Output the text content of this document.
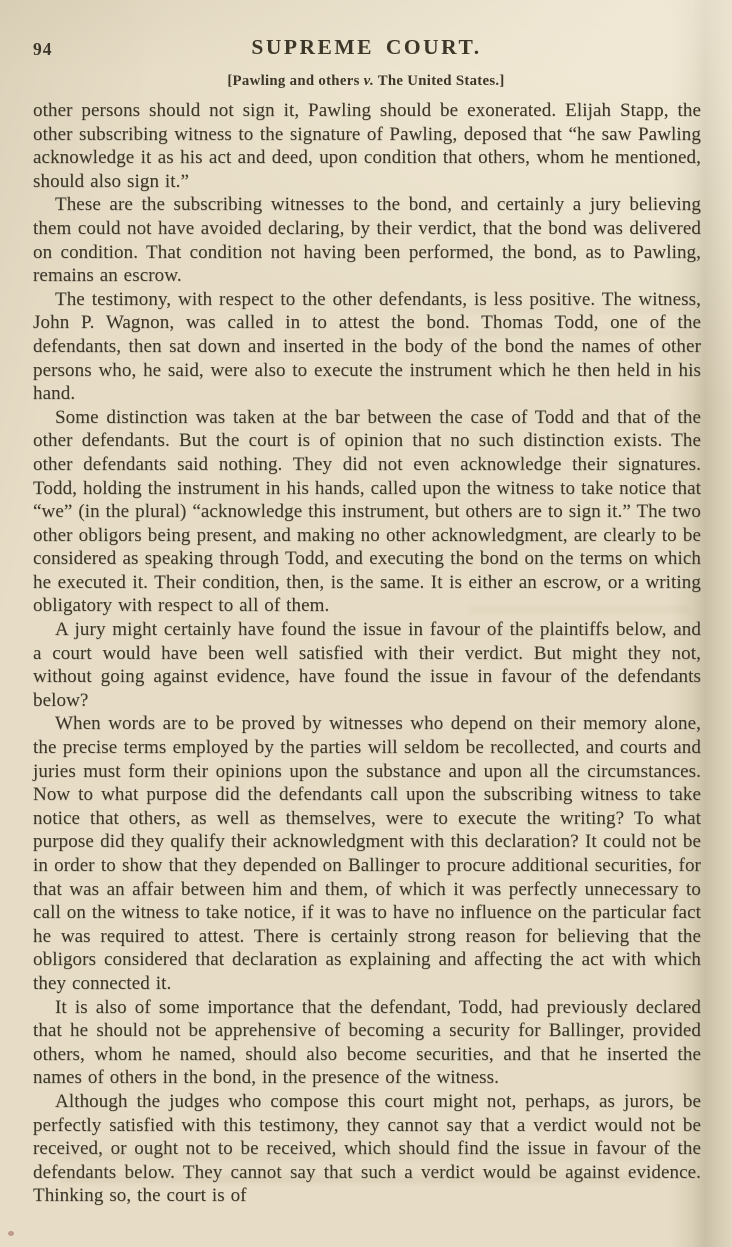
94	SUPREME COURT.
[Pawling and others v. The United States.]

other persons should not sign it, Pawling should be exonerated. Elijah Stapp, the other subscribing witness to the signature of Pawling, deposed that “he saw Pawling acknowledge it as his act and deed, upon condition that others, whom he mentioned, should also sign it.”

These are the subscribing witnesses to the bond, and certainly a jury believing them could not have avoided declaring, by their verdict, that the bond was delivered on condition. That condition not having been performed, the bond, as to Pawling, remains an escrow.

The testimony, with respect to the other defendants, is less positive. The witness, John P. Wagnon, was called in to attest the bond. Thomas Todd, one of the defendants, then sat down and inserted in the body of the bond the names of other persons who, he said, were also to execute the instrument which he then held in his hand.

Some distinction was taken at the bar between the case of Todd and that of the other defendants. But the court is of opinion that no such distinction exists. The other defendants said nothing. They did not even acknowledge their signatures. Todd, holding the instrument in his hands, called upon the witness to take notice that “we” (in the plural) “acknowledge this instrument, but others are to sign it.” The two other obligors being present, and making no other acknowledgment, are clearly to be considered as speaking through Todd, and executing the bond on the terms on which he executed it. Their condition, then, is the same. It is either an escrow, or a writing obligatory with respect to all of them.

A jury might certainly have found the issue in favour of the plaintiffs below, and a court would have been well satisfied with their verdict. But might they not, without going against evidence, have found the issue in favour of the defendants below?

When words are to be proved by witnesses who depend on their memory alone, the precise terms employed by the parties will seldom be recollected, and courts and juries must form their opinions upon the substance and upon all the circumstances. Now to what purpose did the defendants call upon the subscribing witness to take notice that others, as well as themselves, were to execute the writing? To what purpose did they qualify their acknowledgment with this declaration? It could not be in order to show that they depended on Ballinger to procure additional securities, for that was an affair between him and them, of which it was perfectly unnecessary to call on the witness to take notice, if it was to have no influence on the particular fact he was required to attest. There is certainly strong reason for believing that the obligors considered that declaration as explaining and affecting the act with which they connected it.

It is also of some importance that the defendant, Todd, had previously declared that he should not be apprehensive of becoming a security for Ballinger, provided others, whom he named, should also become securities, and that he inserted the names of others in the bond, in the presence of the witness.

Although the judges who compose this court might not, perhaps, as jurors, be perfectly satisfied with this testimony, they cannot say that a verdict would not be received, or ought not to be received, which should find the issue in favour of the defendants below. They cannot say that such a verdict would be against evidence. Thinking so, the court is of
